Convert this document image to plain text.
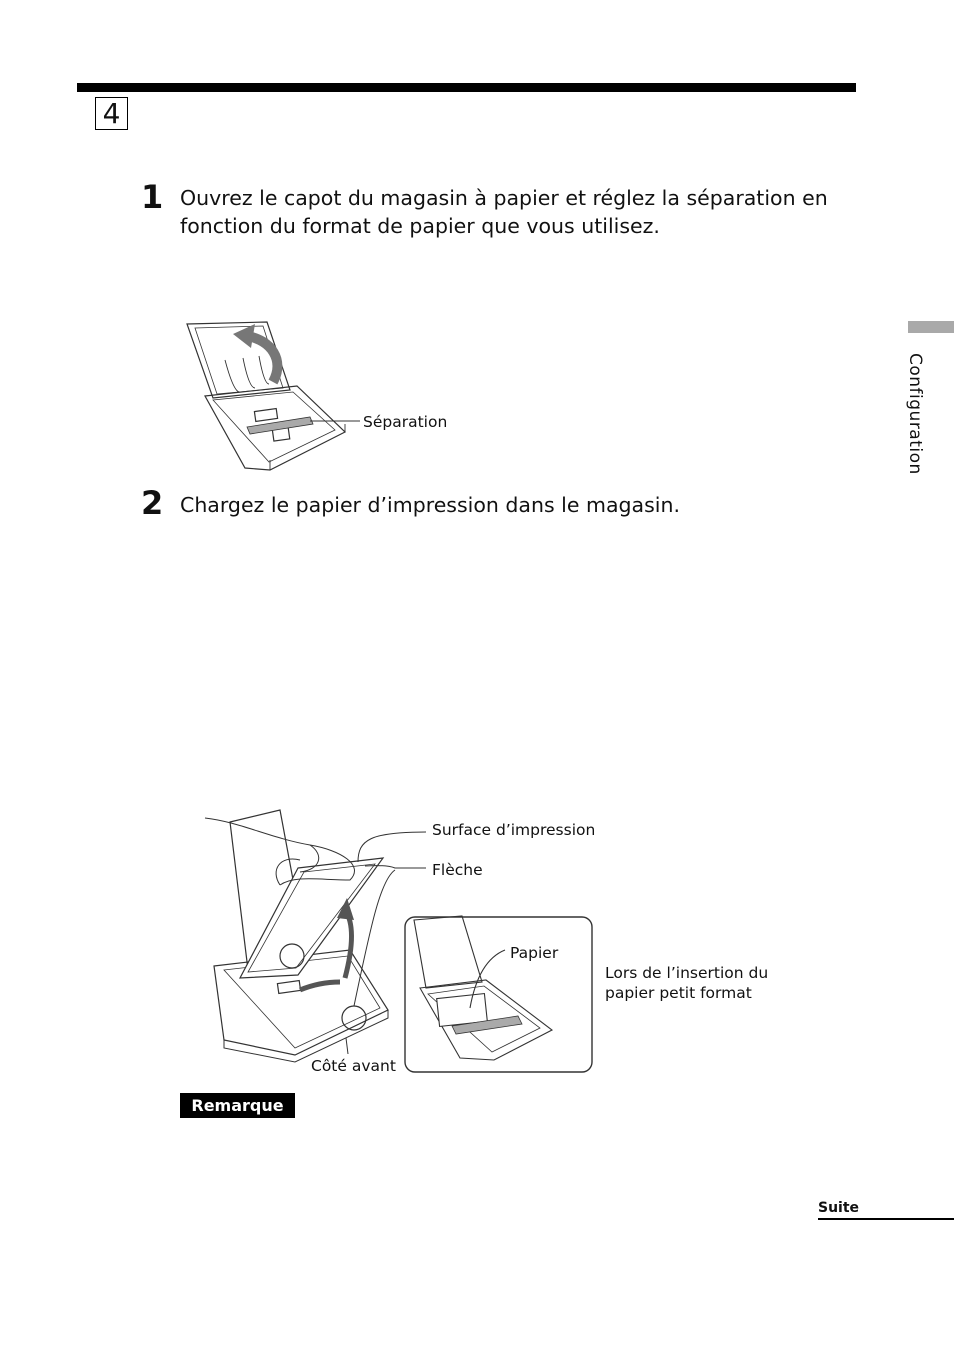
4
1 Ouvrez le capot du magasin à papier et réglez la séparation en fonction du format de papier que vous utilisez.
Séparation
2 Chargez le papier d’impression dans le magasin.
Surface d’impression
Flèche
Papier
Lors de l’insertion du
papier petit format
Côté avant
Remarque
Configuration
Suite
